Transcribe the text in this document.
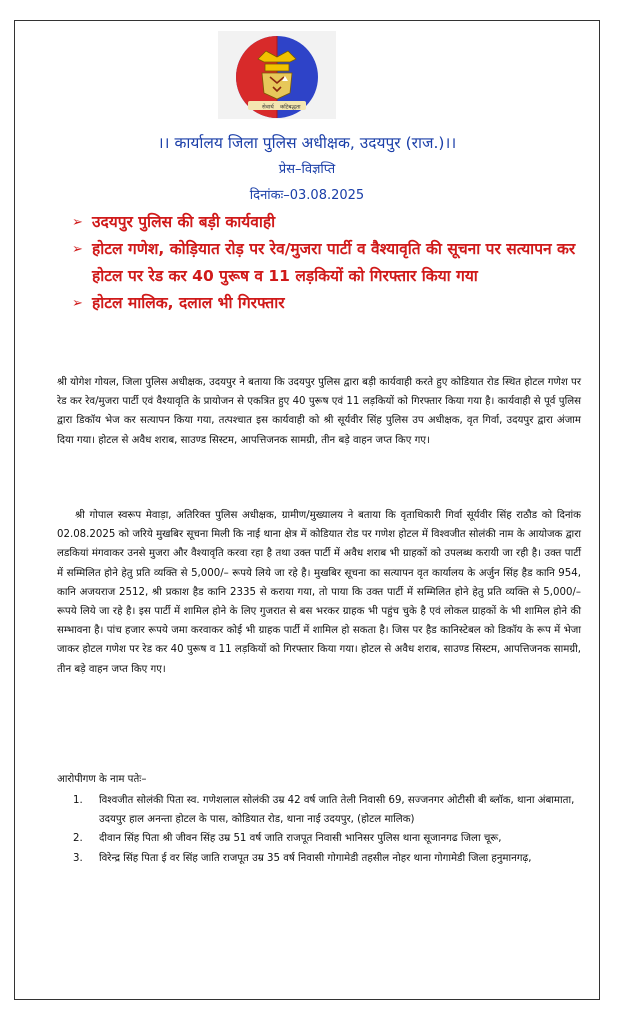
सेवार्थ कटिबद्धता
।। कार्यालय जिला पुलिस अधीक्षक, उदयपुर (राज.)।।
प्रेस–विज्ञप्ति
दिनांकः–03.08.2025
➢ उदयपुर पुलिस की बड़ी कार्यवाही
➢ होटल गणेश, कोड़ियात रोड़ पर रेव/मुजरा पार्टी व वैश्यावृति की सूचना पर सत्यापन कर होटल पर रेड कर 40 पुरूष व 11 लड़कियों को गिरफ्तार किया गया
➢ होटल मालिक, दलाल भी गिरफ्तार

श्री योगेश गोयल, जिला पुलिस अधीक्षक, उदयपुर ने बताया कि उदयपुर पुलिस द्वारा बड़ी कार्यवाही करते हुए कोडियात रोड स्थित होटल गणेश पर रेड कर रेव/मुजरा पार्टी एवं वैश्यावृति के प्रायोजन से एकत्रित हुए 40 पुरूष एवं 11 लड़कियों को गिरफ्तार किया गया है। कार्यवाही से पूर्व पुलिस द्वारा डिकॉय भेज कर सत्यापन किया गया, तत्पश्चात इस कार्यवाही को श्री सूर्यवीर सिंह पुलिस उप अधीक्षक, वृत गिर्वा, उदयपुर द्वारा अंजाम दिया गया। होटल से अवैध शराब, साउण्ड सिस्टम, आपत्तिजनक सामग्री, तीन बड़े वाहन जप्त किए गए।

श्री गोपाल स्वरूप मेवाड़ा, अतिरिक्त पुलिस अधीक्षक, ग्रामीण/मुख्यालय ने बताया कि वृताधिकारी गिर्वा सूर्यवीर सिंह राठौड को दिनांक 02.08.2025 को जरिये मुखबिर सूचना मिली कि नाई थाना क्षेत्र में कोडियात रोड पर गणेश होटल में विश्वजीत सोलंकी नाम के आयोजक द्वारा लडकियां मंगवाकर उनसे मुजरा और वैश्यावृति करवा रहा है तथा उक्त पार्टी में अवैध शराब भी ग्राहकों को उपलब्ध करायी जा रही है। उक्त पार्टी में सम्मिलित होने हेतु प्रति व्यक्ति से 5,000/– रूपये लिये जा रहे है। मुखबिर सूचना का सत्यापन वृत कार्यालय के अर्जुन सिंह हैड कानि 954, कानि अजयराज 2512, श्री प्रकाश हैड कानि 2335 से कराया गया, तो पाया कि उक्त पार्टी में सम्मिलित होने हेतु प्रति व्यक्ति से 5,000/– रूपये लिये जा रहे है। इस पार्टी में शामिल होने के लिए गुजरात से बस भरकर ग्राहक भी पहुंच चुके है एवं लोकल ग्राहकों के भी शामिल होने की सम्भावना है। पांच हजार रूपये जमा करवाकर कोई भी ग्राहक पार्टी में शामिल हो सकता है। जिस पर हैड कानिस्टेबल को डिकॉय के रूप में भेजा जाकर होटल गणेश पर रेड कर 40 पुरूष व 11 लड़कियों को गिरफ्तार किया गया। होटल से अवैध शराब, साउण्ड सिस्टम, आपत्तिजनक सामग्री, तीन बड़े वाहन जप्त किए गए।

आरोपीगण के नाम पतेः–
1. विश्वजीत सोलंकी पिता स्व. गणेशलाल सोलंकी उम्र 42 वर्ष जाति तेली निवासी 69, सज्जनगर ओटीसी बी ब्लॉक, थाना अंबामाता, उदयपुर हाल अनन्ता होटल के पास, कोडियात रोड, थाना नाई उदयपुर, (होटल मालिक)
2. दीवान सिंह पिता श्री जीवन सिंह उम्र 51 वर्ष जाति राजपूत निवासी भानिसर पुलिस थाना सूजानगढ जिला चूरू,
3. विरेन्द्र सिंह पिता ई वर सिंह जाति राजपूत उम्र 35 वर्ष निवासी गोगामेडी तहसील नोहर थाना गोगामेडी जिला हनुमानगढ़,
